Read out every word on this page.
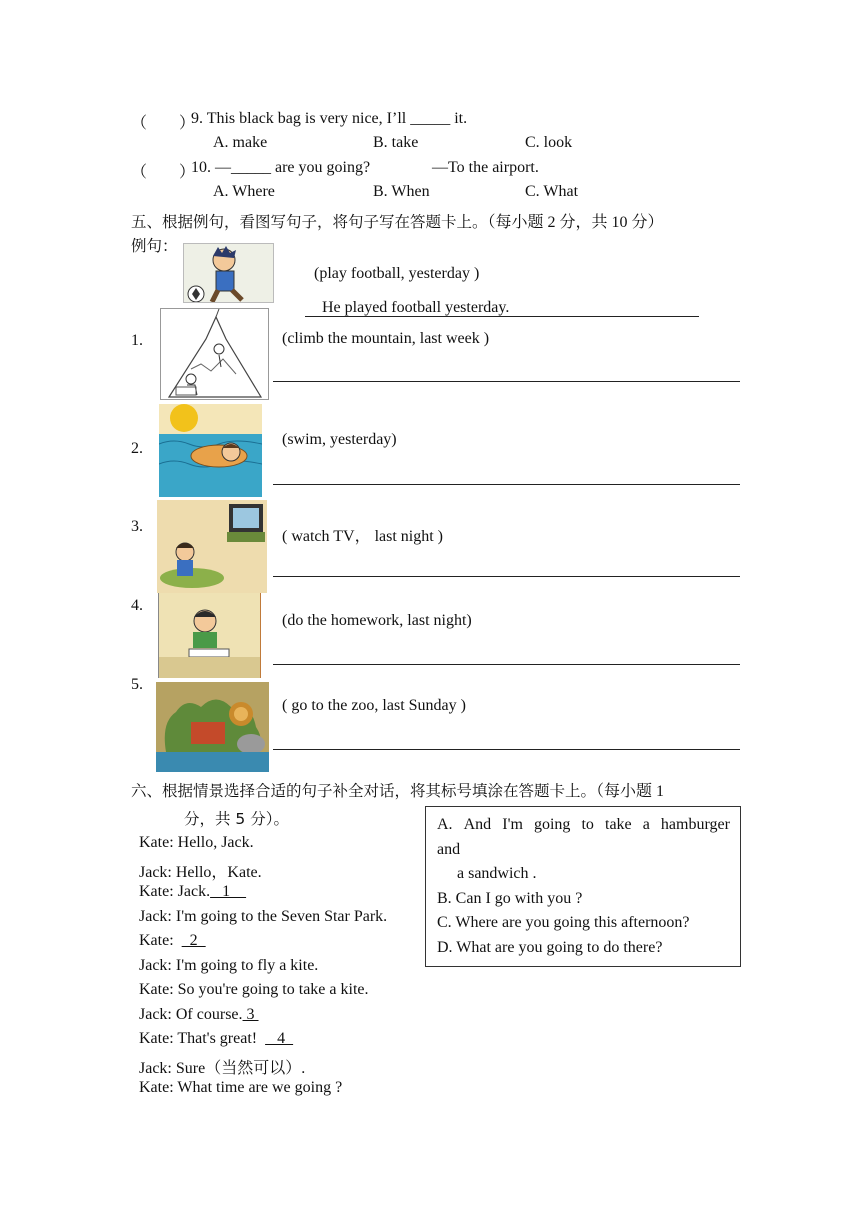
（　　）
9. This black bag is very nice, I’ll _____ it.
A. make	B. take	C. look
（　　）
10. —_____ are you going?	—To the airport.
A. Where	B. When	C. What
五、根据例句，看图写句子，将句子写在答题卡上。（每小题 2 分，共 10 分）
例句：
(play football, yesterday )
He played football yesterday.
1.	(climb the mountain, last week )
2.
(swim, yesterday)
3.
( watch TV， last night )
4.
(do the homework, last night)
5.
( go to the zoo, last Sunday )
六、根据情景选择合适的句子补全对话，将其标号填涂在答题卡上。（每小题 1
分，共 5 分）。
Kate: Hello, Jack.
Jack: Hello，Kate.
Kate: Jack.   1
Jack: I'm going to the Seven Star Park.
Kate:    2
Jack: I'm going to fly a kite.
Kate: So you're going to take a kite.
Jack: Of course. 3
Kate: That's great!     4
Jack: Sure（当然可以）.
Kate: What time are we going ?
A. And I'm going to take a hamburger
and
a sandwich .
B. Can I go with you ?
C. Where are you going this afternoon?
D. What are you going to do there?
